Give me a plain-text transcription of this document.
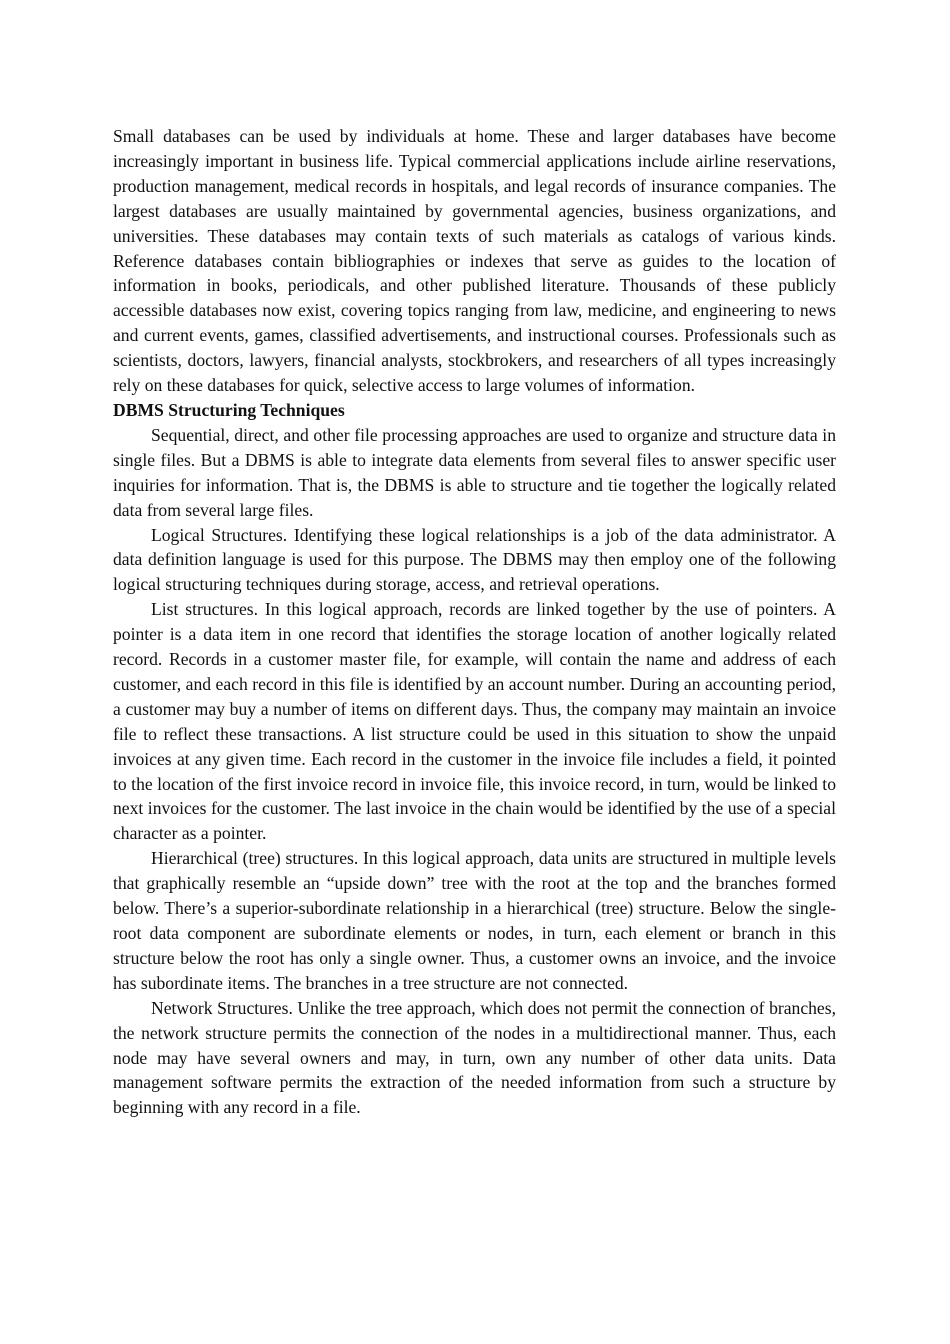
Small databases can be used by individuals at home. These and larger databases have become increasingly important in business life. Typical commercial applications include airline reservations, production management, medical records in hospitals, and legal records of insurance companies. The largest databases are usually maintained by governmental agencies, business organizations, and universities. These databases may contain texts of such materials as catalogs of various kinds. Reference databases contain bibliographies or indexes that serve as guides to the location of information in books, periodicals, and other published literature. Thousands of these publicly accessible databases now exist, covering topics ranging from law, medicine, and engineering to news and current events, games, classified advertisements, and instructional courses. Professionals such as scientists, doctors, lawyers, financial analysts, stockbrokers, and researchers of all types increasingly rely on these databases for quick, selective access to large volumes of information.

DBMS Structuring Techniques

Sequential, direct, and other file processing approaches are used to organize and structure data in single files. But a DBMS is able to integrate data elements from several files to answer specific user inquiries for information. That is, the DBMS is able to structure and tie together the logically related data from several large files.

Logical Structures. Identifying these logical relationships is a job of the data administrator. A data definition language is used for this purpose. The DBMS may then employ one of the following logical structuring techniques during storage, access, and retrieval operations.

List structures. In this logical approach, records are linked together by the use of pointers. A pointer is a data item in one record that identifies the storage location of another logically related record. Records in a customer master file, for example, will contain the name and address of each customer, and each record in this file is identified by an account number. During an accounting period, a customer may buy a number of items on different days. Thus, the company may maintain an invoice file to reflect these transactions. A list structure could be used in this situation to show the unpaid invoices at any given time. Each record in the customer in the invoice file includes a field, it pointed to the location of the first invoice record in invoice file, this invoice record, in turn, would be linked to next invoices for the customer. The last invoice in the chain would be identified by the use of a special character as a pointer.

Hierarchical (tree) structures. In this logical approach, data units are structured in multiple levels that graphically resemble an “upside down” tree with the root at the top and the branches formed below. There’s a superior-subordinate relationship in a hierarchical (tree) structure. Below the single-root data component are subordinate elements or nodes, in turn, each element or branch in this structure below the root has only a single owner. Thus, a customer owns an invoice, and the invoice has subordinate items. The branches in a tree structure are not connected.

Network Structures. Unlike the tree approach, which does not permit the connection of branches, the network structure permits the connection of the nodes in a multidirectional manner. Thus, each node may have several owners and may, in turn, own any number of other data units. Data management software permits the extraction of the needed information from such a structure by beginning with any record in a file.
